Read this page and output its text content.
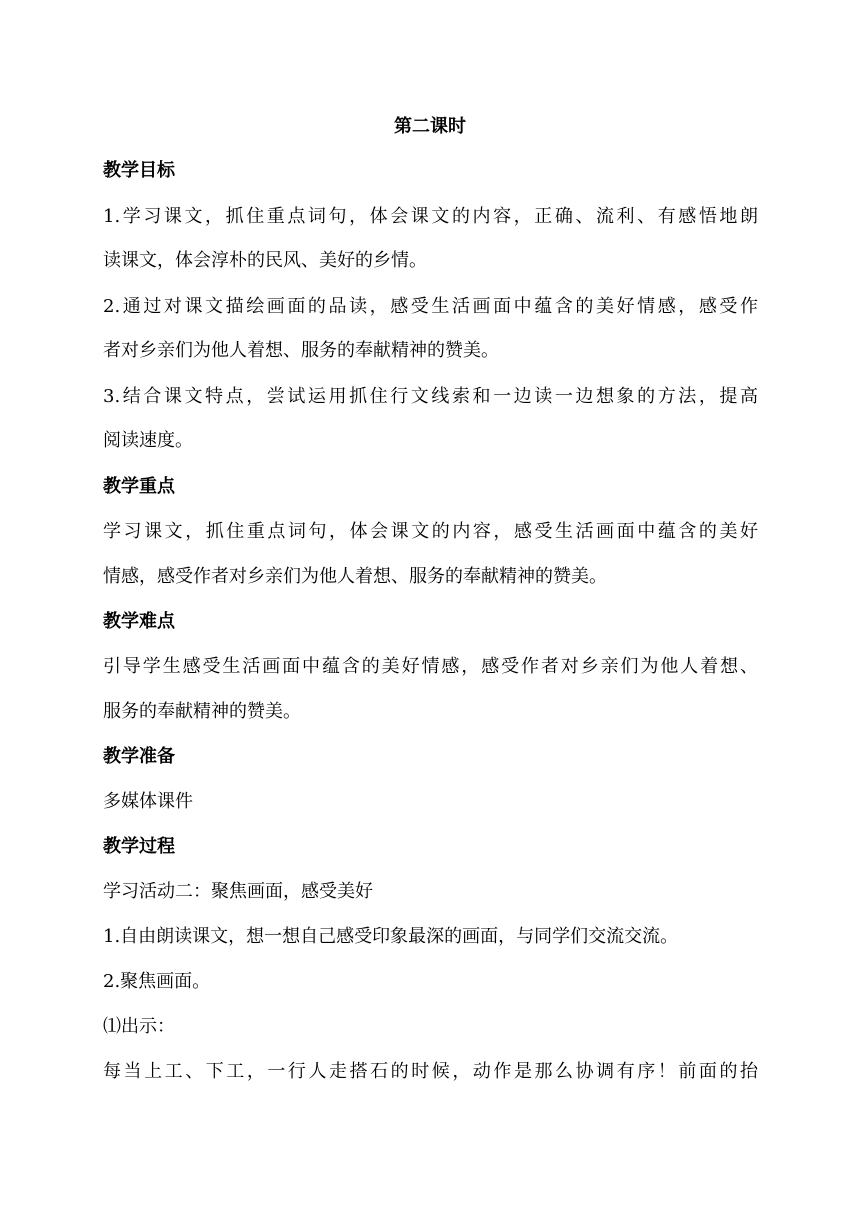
第二课时
教学目标
1.学习课文，抓住重点词句，体会课文的内容，正确、流利、有感悟地朗
读课文，体会淳朴的民风、美好的乡情。
2.通过对课文描绘画面的品读，感受生活画面中蕴含的美好情感，感受作
者对乡亲们为他人着想、服务的奉献精神的赞美。
3.结合课文特点，尝试运用抓住行文线索和一边读一边想象的方法，提高
阅读速度。
教学重点
学习课文，抓住重点词句，体会课文的内容，感受生活画面中蕴含的美好
情感，感受作者对乡亲们为他人着想、服务的奉献精神的赞美。
教学难点
引导学生感受生活画面中蕴含的美好情感，感受作者对乡亲们为他人着想、
服务的奉献精神的赞美。
教学准备
多媒体课件
教学过程
学习活动二：聚焦画面，感受美好
1.自由朗读课文，想一想自己感受印象最深的画面，与同学们交流交流。
2.聚焦画面。
⑴出示：
每当上工、下工，一行人走搭石的时候，动作是那么协调有序！前面的抬
